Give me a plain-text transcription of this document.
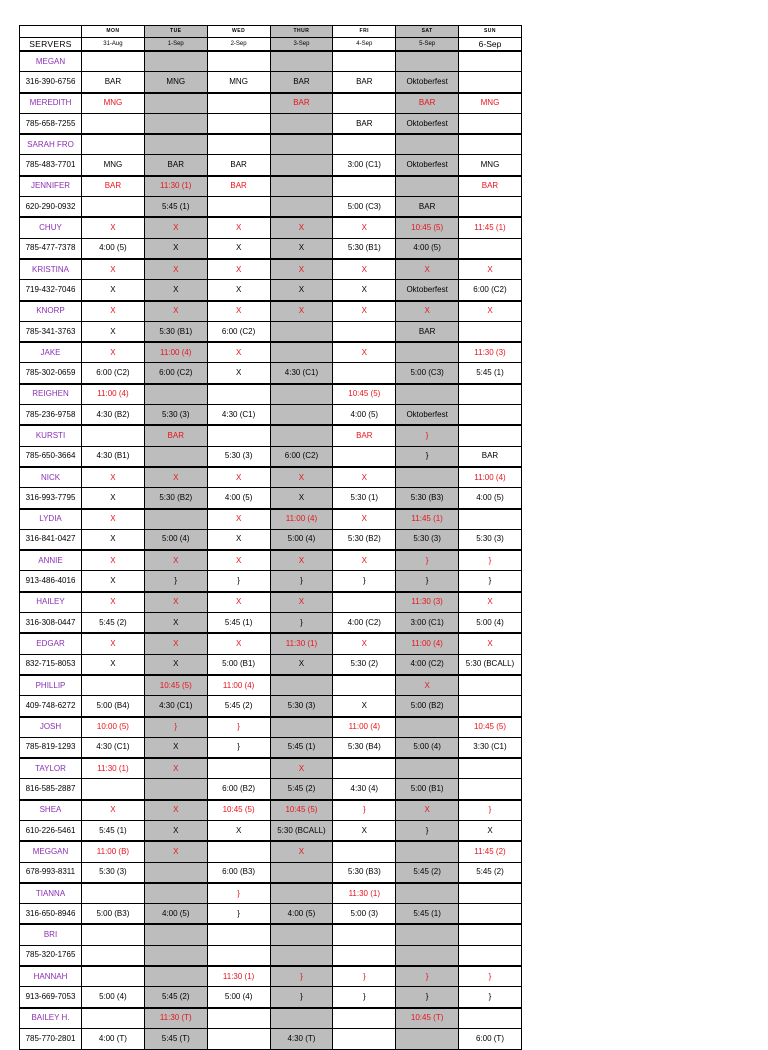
	MON	TUE	WED	THUR	FRI	SAT	SUN
SERVERS	31-Aug	1-Sep	2-Sep	3-Sep	4-Sep	5-Sep	6-Sep
MEGAN							
316-390-6756	BAR	MNG	MNG	BAR	BAR	Oktoberfest	
MEREDITH	MNG			BAR		BAR	MNG
785-658-7255					BAR	Oktoberfest	
SARAH FRO							
785-483-7701	MNG	BAR	BAR		3:00 (C1)	Oktoberfest	MNG
JENNIFER	BAR	11:30 (1)	BAR				BAR
620-290-0932		5:45 (1)			5:00 (C3)	BAR	
CHUY	X	X	X	X	X	10:45 (5)	11:45 (1)
785-477-7378	4:00 (5)	X	X	X	5:30 (B1)	4:00 (5)	
KRISTINA	X	X	X	X	X	X	X
719-432-7046	X	X	X	X	X	Oktoberfest	6:00 (C2)
KNORP	X	X	X	X	X	X	X
785-341-3763	X	5:30 (B1)	6:00 (C2)			BAR	
JAKE	X	11:00 (4)	X		X		11:30 (3)
785-302-0659	6:00 (C2)	6:00 (C2)	X	4:30 (C1)		5:00 (C3)	5:45 (1)
REIGHEN	11:00 (4)				10:45 (5)		
785-236-9758	4:30 (B2)	5:30 (3)	4:30 (C1)		4:00 (5)	Oktoberfest	
KURSTI		BAR			BAR	}	
785-650-3664	4:30 (B1)		5:30 (3)	6:00 (C2)		}	BAR
NICK	X	X	X	X	X		11:00 (4)
316-993-7795	X	5:30 (B2)	4:00 (5)	X	5:30 (1)	5:30 (B3)	4:00 (5)
LYDIA	X		X	11:00 (4)	X	11:45 (1)	
316-841-0427	X	5:00 (4)	X	5:00 (4)	5:30 (B2)	5:30 (3)	5:30 (3)
ANNIE	X	X	X	X	X	}	}
913-486-4016	X	}	}	}	}	}	}
HAILEY	X	X	X	X		11:30 (3)	X
316-308-0447	5:45 (2)	X	5:45 (1)	}	4:00 (C2)	3:00 (C1)	5:00 (4)
EDGAR	X	X	X	11:30 (1)	X	11:00 (4)	X
832-715-8053	X	X	5:00 (B1)	X	5:30 (2)	4:00 (C2)	5:30 (BCALL)
PHILLIP		10:45 (5)	11:00 (4)			X	
409-748-6272	5:00 (B4)	4:30 (C1)	5:45 (2)	5:30 (3)	X	5:00 (B2)	
JOSH	10:00 (5)	}	}		11:00 (4)		10:45 (5)
785-819-1293	4:30 (C1)	X	}	5:45 (1)	5:30 (B4)	5:00 (4)	3:30 (C1)
TAYLOR	11:30 (1)	X		X			
816-585-2887			6:00 (B2)	5:45 (2)	4:30 (4)	5:00 (B1)	
SHEA	X	X	10:45 (5)	10:45 (5)	}	X	}
610-226-5461	5:45 (1)	X	X	5:30 (BCALL)	X	}	X
MEGGAN	11:00 (B)	X		X			11:45 (2)
678-993-8311	5:30 (3)		6:00 (B3)		5:30 (B3)	5:45 (2)	5:45 (2)
TIANNA			}		11:30 (1)		
316-650-8946	5:00 (B3)	4:00 (5)	}	4:00 (5)	5:00 (3)	5:45 (1)	
BRI							
785-320-1765							
HANNAH			11:30 (1)	}	}	}	}
913-669-7053	5:00 (4)	5:45 (2)	5:00 (4)	}	}	}	}
BAILEY H.		11:30 (T)				10:45 (T)	
785-770-2801	4:00 (T)	5:45 (T)		4:30 (T)			6:00 (T)
